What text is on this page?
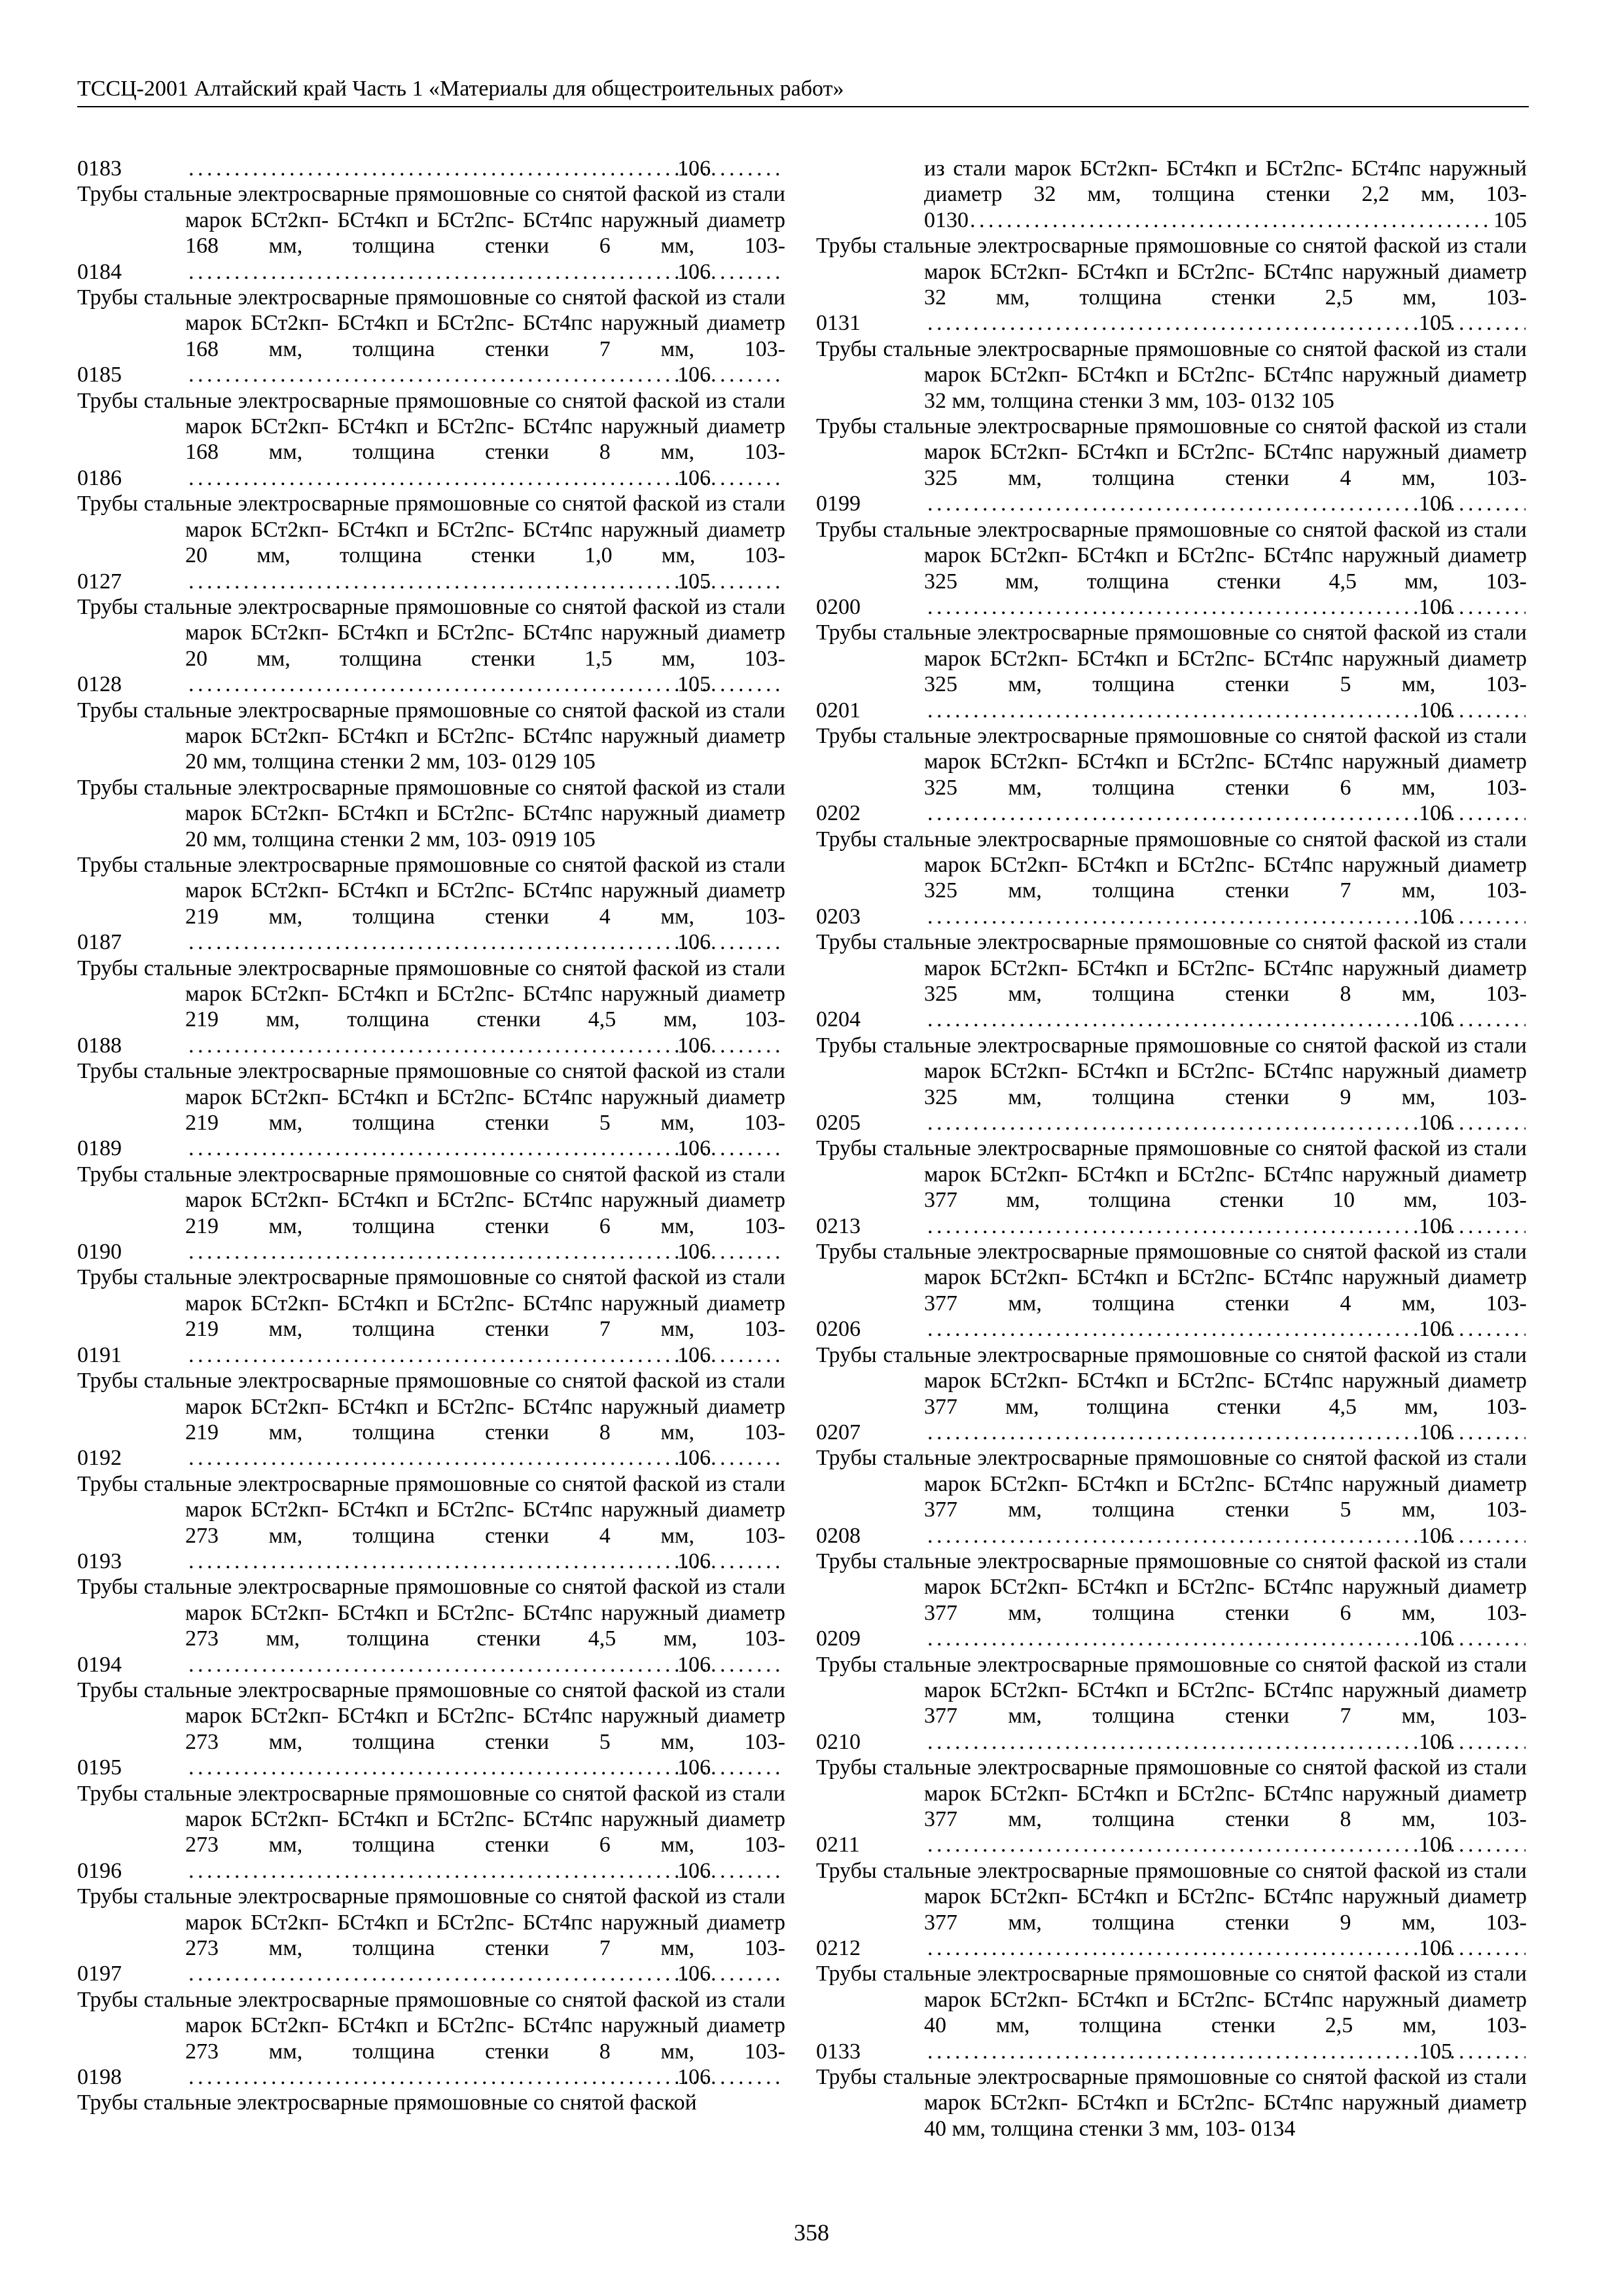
ТССЦ-2001 Алтайский край Часть 1 «Материалы для общестроительных работ»
0183 . . .	106
Трубы стальные электросварные прямошовные со снятой фаской из стали марок БСт2кп- БСт4кп и БСт2пс- БСт4пс наружный диаметр 168 мм, толщина стенки 6 мм, 103-
0184 . . .	106
Трубы стальные электросварные прямошовные со снятой фаской из стали марок БСт2кп- БСт4кп и БСт2пс- БСт4пс наружный диаметр 168 мм, толщина стенки 7 мм, 103-
0185 . . .	106
Трубы стальные электросварные прямошовные со снятой фаской из стали марок БСт2кп- БСт4кп и БСт2пс- БСт4пс наружный диаметр 168 мм, толщина стенки 8 мм, 103-
0186 . . .	106
Трубы стальные электросварные прямошовные со снятой фаской из стали марок БСт2кп- БСт4кп и БСт2пс- БСт4пс наружный диаметр 20 мм, толщина стенки 1,0 мм, 103-
0127 . . .	105
Трубы стальные электросварные прямошовные со снятой фаской из стали марок БСт2кп- БСт4кп и БСт2пс- БСт4пс наружный диаметр 20 мм, толщина стенки 1,5 мм, 103-
0128 . . .	105
Трубы стальные электросварные прямошовные со снятой фаской из стали марок БСт2кп- БСт4кп и БСт2пс- БСт4пс наружный диаметр 20 мм, толщина стенки 2 мм, 103- 0129 105
Трубы стальные электросварные прямошовные со снятой фаской из стали марок БСт2кп- БСт4кп и БСт2пс- БСт4пс наружный диаметр 20 мм, толщина стенки 2 мм, 103- 0919 105
Трубы стальные электросварные прямошовные со снятой фаской из стали марок БСт2кп- БСт4кп и БСт2пс- БСт4пс наружный диаметр 219 мм, толщина стенки 4 мм, 103-
0187 . . .	106
Трубы стальные электросварные прямошовные со снятой фаской из стали марок БСт2кп- БСт4кп и БСт2пс- БСт4пс наружный диаметр 219 мм, толщина стенки 4,5 мм, 103-
0188 . . .	106
Трубы стальные электросварные прямошовные со снятой фаской из стали марок БСт2кп- БСт4кп и БСт2пс- БСт4пс наружный диаметр 219 мм, толщина стенки 5 мм, 103-
0189 . . .	106
Трубы стальные электросварные прямошовные со снятой фаской из стали марок БСт2кп- БСт4кп и БСт2пс- БСт4пс наружный диаметр 219 мм, толщина стенки 6 мм, 103-
0190 . . .	106
Трубы стальные электросварные прямошовные со снятой фаской из стали марок БСт2кп- БСт4кп и БСт2пс- БСт4пс наружный диаметр 219 мм, толщина стенки 7 мм, 103-
0191 . . .	106
Трубы стальные электросварные прямошовные со снятой фаской из стали марок БСт2кп- БСт4кп и БСт2пс- БСт4пс наружный диаметр 219 мм, толщина стенки 8 мм, 103-
0192 . . .	106
Трубы стальные электросварные прямошовные со снятой фаской из стали марок БСт2кп- БСт4кп и БСт2пс- БСт4пс наружный диаметр 273 мм, толщина стенки 4 мм, 103-
0193 . . .	106
Трубы стальные электросварные прямошовные со снятой фаской из стали марок БСт2кп- БСт4кп и БСт2пс- БСт4пс наружный диаметр 273 мм, толщина стенки 4,5 мм, 103-
0194 . . .	106
Трубы стальные электросварные прямошовные со снятой фаской из стали марок БСт2кп- БСт4кп и БСт2пс- БСт4пс наружный диаметр 273 мм, толщина стенки 5 мм, 103-
0195 . . .	106
Трубы стальные электросварные прямошовные со снятой фаской из стали марок БСт2кп- БСт4кп и БСт2пс- БСт4пс наружный диаметр 273 мм, толщина стенки 6 мм, 103-
0196 . . .	106
Трубы стальные электросварные прямошовные со снятой фаской из стали марок БСт2кп- БСт4кп и БСт2пс- БСт4пс наружный диаметр 273 мм, толщина стенки 7 мм, 103-
0197 . . .	106
Трубы стальные электросварные прямошовные со снятой фаской из стали марок БСт2кп- БСт4кп и БСт2пс- БСт4пс наружный диаметр 273 мм, толщина стенки 8 мм, 103-
0198 . . .	106
Трубы стальные электросварные прямошовные со снятой фаской
из стали марок БСт2кп- БСт4кп и БСт2пс- БСт4пс наружный диаметр 32 мм, толщина стенки 2,2 мм, 103-
0130 . . .	105
Трубы стальные электросварные прямошовные со снятой фаской из стали марок БСт2кп- БСт4кп и БСт2пс- БСт4пс наружный диаметр 32 мм, толщина стенки 2,5 мм, 103-
0131 . . .	105
Трубы стальные электросварные прямошовные со снятой фаской из стали марок БСт2кп- БСт4кп и БСт2пс- БСт4пс наружный диаметр 32 мм, толщина стенки 3 мм, 103- 0132 105
Трубы стальные электросварные прямошовные со снятой фаской из стали марок БСт2кп- БСт4кп и БСт2пс- БСт4пс наружный диаметр 325 мм, толщина стенки 4 мм, 103-
0199 . . .	106
Трубы стальные электросварные прямошовные со снятой фаской из стали марок БСт2кп- БСт4кп и БСт2пс- БСт4пс наружный диаметр 325 мм, толщина стенки 4,5 мм, 103-
0200 . . .	106
Трубы стальные электросварные прямошовные со снятой фаской из стали марок БСт2кп- БСт4кп и БСт2пс- БСт4пс наружный диаметр 325 мм, толщина стенки 5 мм, 103-
0201 . . .	106
Трубы стальные электросварные прямошовные со снятой фаской из стали марок БСт2кп- БСт4кп и БСт2пс- БСт4пс наружный диаметр 325 мм, толщина стенки 6 мм, 103-
0202 . . .	106
Трубы стальные электросварные прямошовные со снятой фаской из стали марок БСт2кп- БСт4кп и БСт2пс- БСт4пс наружный диаметр 325 мм, толщина стенки 7 мм, 103-
0203 . . .	106
Трубы стальные электросварные прямошовные со снятой фаской из стали марок БСт2кп- БСт4кп и БСт2пс- БСт4пс наружный диаметр 325 мм, толщина стенки 8 мм, 103-
0204 . . .	106
Трубы стальные электросварные прямошовные со снятой фаской из стали марок БСт2кп- БСт4кп и БСт2пс- БСт4пс наружный диаметр 325 мм, толщина стенки 9 мм, 103-
0205 . . .	106
Трубы стальные электросварные прямошовные со снятой фаской из стали марок БСт2кп- БСт4кп и БСт2пс- БСт4пс наружный диаметр 377 мм, толщина стенки 10 мм, 103-
0213 . . .	106
Трубы стальные электросварные прямошовные со снятой фаской из стали марок БСт2кп- БСт4кп и БСт2пс- БСт4пс наружный диаметр 377 мм, толщина стенки 4 мм, 103-
0206 . . .	106
Трубы стальные электросварные прямошовные со снятой фаской из стали марок БСт2кп- БСт4кп и БСт2пс- БСт4пс наружный диаметр 377 мм, толщина стенки 4,5 мм, 103-
0207 . . .	106
Трубы стальные электросварные прямошовные со снятой фаской из стали марок БСт2кп- БСт4кп и БСт2пс- БСт4пс наружный диаметр 377 мм, толщина стенки 5 мм, 103-
0208 . . .	106
Трубы стальные электросварные прямошовные со снятой фаской из стали марок БСт2кп- БСт4кп и БСт2пс- БСт4пс наружный диаметр 377 мм, толщина стенки 6 мм, 103-
0209 . . .	106
Трубы стальные электросварные прямошовные со снятой фаской из стали марок БСт2кп- БСт4кп и БСт2пс- БСт4пс наружный диаметр 377 мм, толщина стенки 7 мм, 103-
0210 . . .	106
Трубы стальные электросварные прямошовные со снятой фаской из стали марок БСт2кп- БСт4кп и БСт2пс- БСт4пс наружный диаметр 377 мм, толщина стенки 8 мм, 103-
0211 . . .	106
Трубы стальные электросварные прямошовные со снятой фаской из стали марок БСт2кп- БСт4кп и БСт2пс- БСт4пс наружный диаметр 377 мм, толщина стенки 9 мм, 103-
0212 . . .	106
Трубы стальные электросварные прямошовные со снятой фаской из стали марок БСт2кп- БСт4кп и БСт2пс- БСт4пс наружный диаметр 40 мм, толщина стенки 2,5 мм, 103-
0133 . . .	105
Трубы стальные электросварные прямошовные со снятой фаской из стали марок БСт2кп- БСт4кп и БСт2пс- БСт4пс наружный диаметр 40 мм, толщина стенки 3 мм, 103- 0134
358
